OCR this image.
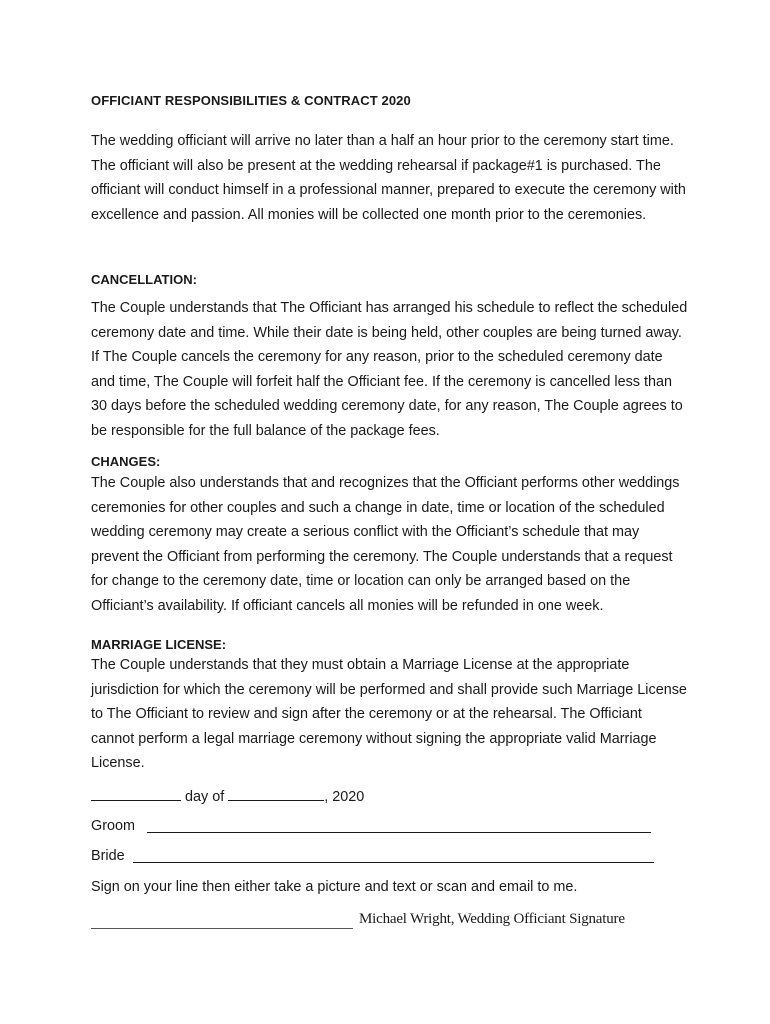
OFFICIANT RESPONSIBILITIES & CONTRACT 2020

The wedding officiant will arrive no later than a half an hour prior to the ceremony start time. The officiant will also be present at the wedding rehearsal if package#1 is purchased. The officiant will conduct himself in a professional manner, prepared to execute the ceremony with excellence and passion. All monies will be collected one month prior to the ceremonies.

CANCELLATION:

The Couple understands that The Officiant has arranged his schedule to reflect the scheduled ceremony date and time. While their date is being held, other couples are being turned away. If The Couple cancels the ceremony for any reason, prior to the scheduled ceremony date and time, The Couple will forfeit half the Officiant fee. If the ceremony is cancelled less than 30 days before the scheduled wedding ceremony date, for any reason, The Couple agrees to be responsible for the full balance of the package fees.

CHANGES:

The Couple also understands that and recognizes that the Officiant performs other weddings ceremonies for other couples and such a change in date, time or location of the scheduled wedding ceremony may create a serious conflict with the Officiant’s schedule that may prevent the Officiant from performing the ceremony. The Couple understands that a request for change to the ceremony date, time or location can only be arranged based on the Officiant’s availability. If officiant cancels all monies will be refunded in one week.

MARRIAGE LICENSE:

The Couple understands that they must obtain a Marriage License at the appropriate jurisdiction for which the ceremony will be performed and shall provide such Marriage License to The Officiant to review and sign after the ceremony or at the rehearsal. The Officiant cannot perform a legal marriage ceremony without signing the appropriate valid Marriage License.

day of	, 2020
Groom
Bride
Sign on your line then either take a picture and text or scan and email to me.
Michael Wright, Wedding Officiant Signature
